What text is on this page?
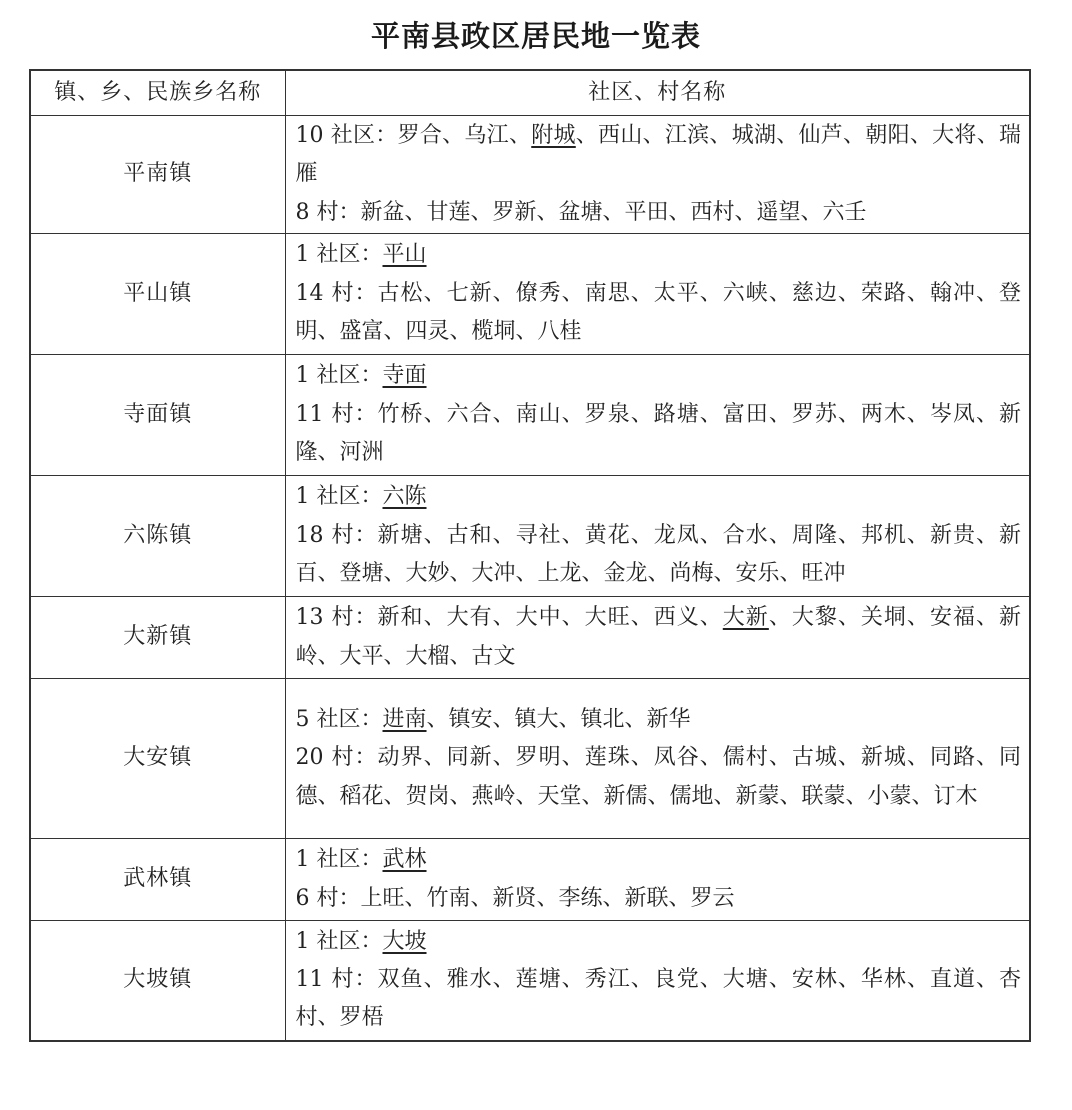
平南县政区居民地一览表
镇、乡、民族乡名称	社区、村名称
平南镇	10 社区：罗合、乌江、附城、西山、江滨、城湖、仙芦、朝阳、大将、瑞雁
8 村：新盆、甘莲、罗新、盆塘、平田、西村、遥望、六壬

平山镇	1 社区：平山
14 村：古松、七新、僚秀、南思、太平、六峡、慈边、荣路、翰冲、登明、盛富、四灵、榄垌、八桂

寺面镇	1 社区：寺面
11 村：竹桥、六合、南山、罗泉、路塘、富田、罗苏、两木、岑凤、新隆、河洲

六陈镇	1 社区：六陈
18 村：新塘、古和、寻社、黄花、龙凤、合水、周隆、邦机、新贵、新百、登塘、大妙、大冲、上龙、金龙、尚梅、安乐、旺冲

大新镇	13 村：新和、大有、大中、大旺、西义、大新、大黎、关垌、安福、新岭、大平、大榴、古文

大安镇	5 社区：进南、镇安、镇大、镇北、新华
20 村：动界、同新、罗明、莲珠、凤谷、儒村、古城、新城、同路、同德、稻花、贺岗、燕岭、天堂、新儒、儒地、新蒙、联蒙、小蒙、订木

武林镇	1 社区：武林
6 村：上旺、竹南、新贤、李练、新联、罗云

大坡镇	1 社区：大坡
11 村：双鱼、雅水、莲塘、秀江、良党、大塘、安林、华林、直道、杏村、罗梧
